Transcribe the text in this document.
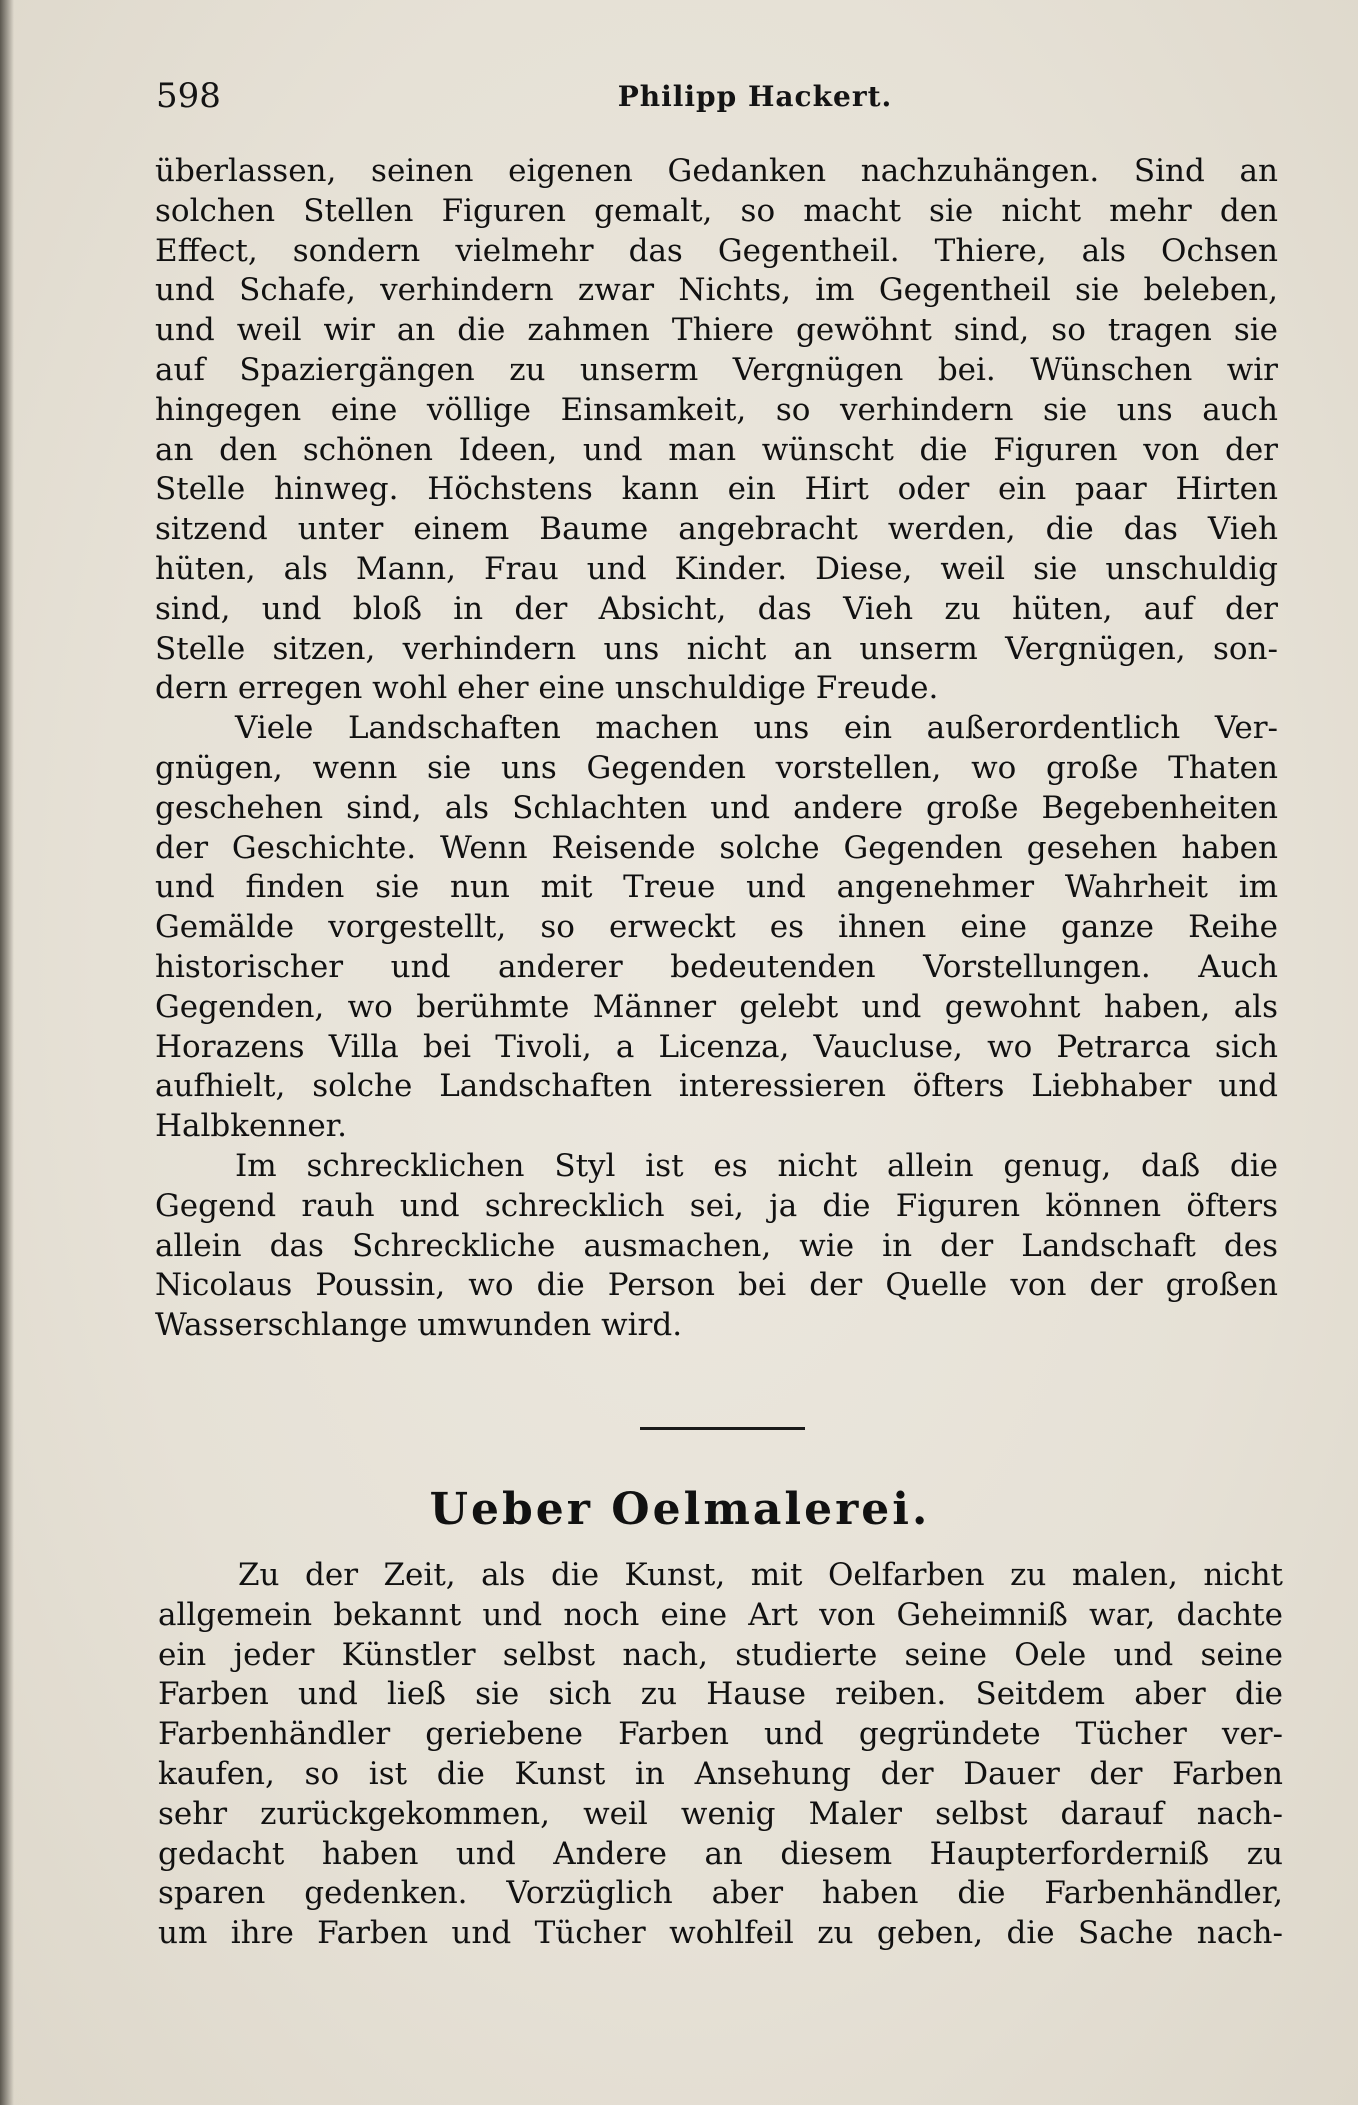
598	Philipp Hackert.
überlassen, seinen eigenen Gedanken nachzuhängen. Sind an
solchen Stellen Figuren gemalt, so macht sie nicht mehr den
Effect, sondern vielmehr das Gegentheil. Thiere, als Ochsen
und Schafe, verhindern zwar Nichts, im Gegentheil sie beleben,
und weil wir an die zahmen Thiere gewöhnt sind, so tragen sie
auf Spaziergängen zu unserm Vergnügen bei. Wünschen wir
hingegen eine völlige Einsamkeit, so verhindern sie uns auch
an den schönen Ideen, und man wünscht die Figuren von der
Stelle hinweg. Höchstens kann ein Hirt oder ein paar Hirten
sitzend unter einem Baume angebracht werden, die das Vieh
hüten, als Mann, Frau und Kinder. Diese, weil sie unschuldig
sind, und bloß in der Absicht, das Vieh zu hüten, auf der
Stelle sitzen, verhindern uns nicht an unserm Vergnügen, son-
dern erregen wohl eher eine unschuldige Freude.
Viele Landschaften machen uns ein außerordentlich Ver-
gnügen, wenn sie uns Gegenden vorstellen, wo große Thaten
geschehen sind, als Schlachten und andere große Begebenheiten
der Geschichte. Wenn Reisende solche Gegenden gesehen haben
und finden sie nun mit Treue und angenehmer Wahrheit im
Gemälde vorgestellt, so erweckt es ihnen eine ganze Reihe
historischer und anderer bedeutenden Vorstellungen. Auch
Gegenden, wo berühmte Männer gelebt und gewohnt haben, als
Horazens Villa bei Tivoli, a Licenza, Vaucluse, wo Petrarca sich
aufhielt, solche Landschaften interessieren öfters Liebhaber und
Halbkenner.
Im schrecklichen Styl ist es nicht allein genug, daß die
Gegend rauh und schrecklich sei, ja die Figuren können öfters
allein das Schreckliche ausmachen, wie in der Landschaft des
Nicolaus Poussin, wo die Person bei der Quelle von der großen
Wasserschlange umwunden wird.
Ueber Oelmalerei.
Zu der Zeit, als die Kunst, mit Oelfarben zu malen, nicht
allgemein bekannt und noch eine Art von Geheimniß war, dachte
ein jeder Künstler selbst nach, studierte seine Oele und seine
Farben und ließ sie sich zu Hause reiben. Seitdem aber die
Farbenhändler geriebene Farben und gegründete Tücher ver-
kaufen, so ist die Kunst in Ansehung der Dauer der Farben
sehr zurückgekommen, weil wenig Maler selbst darauf nach-
gedacht haben und Andere an diesem Haupterforderniß zu
sparen gedenken. Vorzüglich aber haben die Farbenhändler,
um ihre Farben und Tücher wohlfeil zu geben, die Sache nach-
